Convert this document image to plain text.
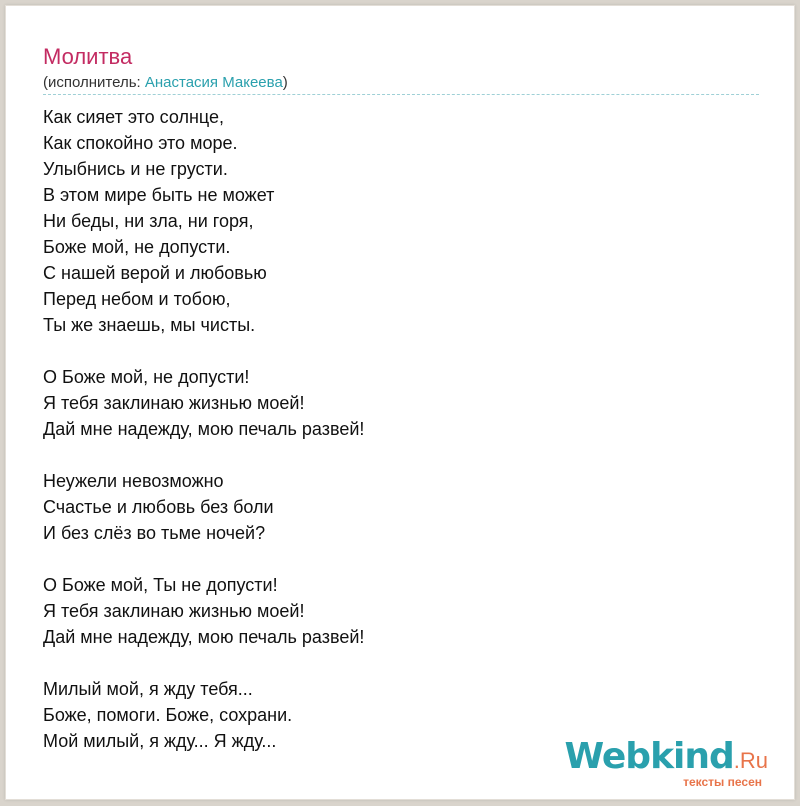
Молитва
(исполнитель: Анастасия Макеева)
Как сияет это солнце,
Как спокойно это море.
Улыбнись и не грусти.
В этом мире быть не может
Ни беды, ни зла, ни горя,
Боже мой, не допусти.
С нашей верой и любовью
Перед небом и тобою,
Ты же знаешь, мы чисты.
О Боже мой, не допусти!
Я тебя заклинаю жизнью моей!
Дай мне надежду, мою печаль развей!
Неужели невозможно
Счастье и любовь без боли
И без слёз во тьме ночей?
О Боже мой, Ты не допусти!
Я тебя заклинаю жизнью моей!
Дай мне надежду, мою печаль развей!
Милый мой, я жду тебя...
Боже, помоги. Боже, сохрани.
Мой милый, я жду... Я жду...	Webkind.Ru
тексты песен
